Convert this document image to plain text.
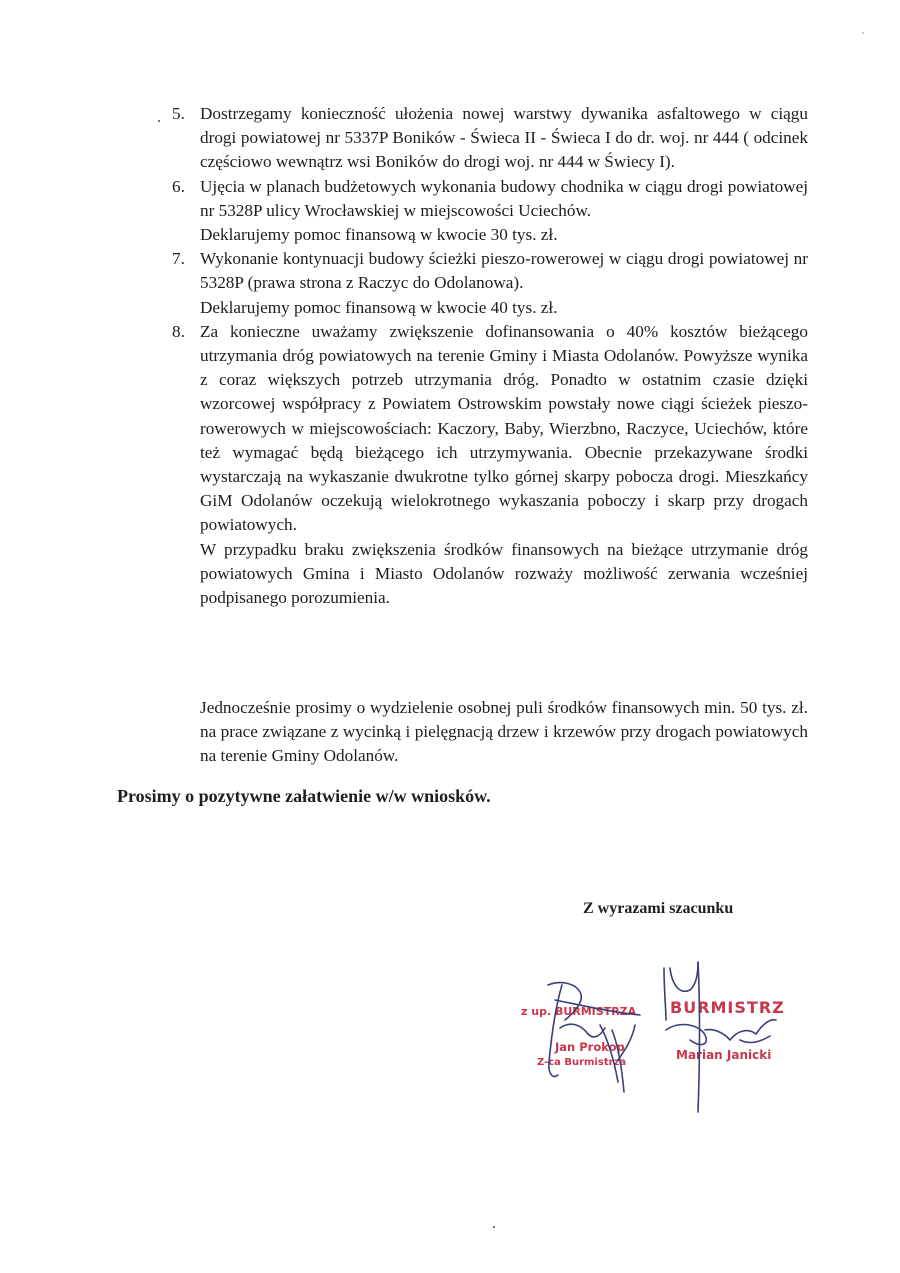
5. Dostrzegamy konieczność ułożenia nowej warstwy dywanika asfaltowego w ciągu drogi powiatowej nr 5337P Boników - Świeca II - Świeca I do dr. woj. nr 444 ( odcinek częściowo wewnątrz wsi Boników do drogi woj. nr 444 w Świecy I).

6. Ujęcia w planach budżetowych wykonania budowy chodnika w ciągu drogi powiatowej nr 5328P ulicy Wrocławskiej w miejscowości Uciechów.

Deklarujemy pomoc finansową w kwocie 30 tys. zł.

7. Wykonanie kontynuacji budowy ścieżki pieszo-rowerowej w ciągu drogi powiatowej nr 5328P (prawa strona z Raczyc do Odolanowa).

Deklarujemy pomoc finansową w kwocie 40 tys. zł.

8. Za konieczne uważamy zwiększenie dofinansowania o 40% kosztów bieżącego utrzymania dróg powiatowych na terenie Gminy i Miasta Odolanów. Powyższe wynika z coraz większych potrzeb utrzymania dróg. Ponadto w ostatnim czasie dzięki wzorcowej współpracy z Powiatem Ostrowskim powstały nowe ciągi ścieżek pieszo-rowerowych w miejscowościach: Kaczory, Baby, Wierzbno, Raczyce, Uciechów, które też wymagać będą bieżącego ich utrzymywania. Obecnie przekazywane środki wystarczają na wykaszanie dwukrotne tylko górnej skarpy pobocza drogi. Mieszkańcy GiM Odolanów oczekują wielokrotnego wykaszania poboczy i skarp przy drogach powiatowych.

W przypadku braku zwiększenia środków finansowych na bieżące utrzymanie dróg powiatowych Gmina i Miasto Odolanów rozważy możliwość zerwania wcześniej podpisanego porozumienia.

Jednocześnie prosimy o wydzielenie osobnej puli środków finansowych min. 50 tys. zł. na prace związane z wycinką i pielęgnacją drzew i krzewów przy drogach powiatowych na terenie Gminy Odolanów.

Prosimy o pozytywne załatwienie w/w wniosków.

Z wyrazami szacunku

z up. BURMISTRZA
Jan Prokop
Z-ca Burmistrza
BURMISTRZ
Marian Janicki
